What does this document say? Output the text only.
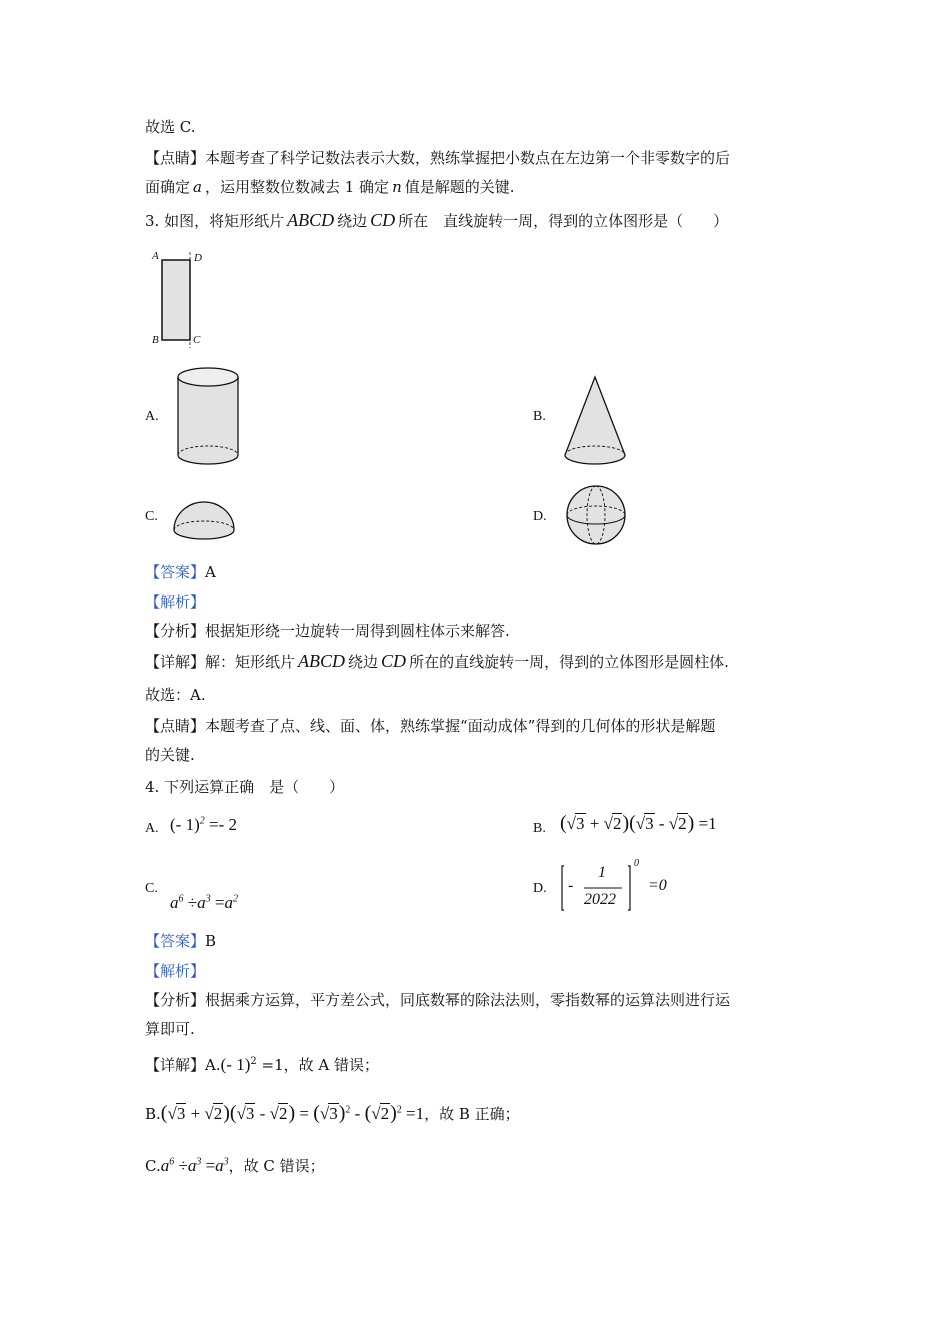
故选 C.
【点睛】本题考查了科学记数法表示大数，熟练掌握把小数点在左边第一个非零数字的后
面确定 a ，运用整数位数减去 1 确定 n 值是解题的关键.
3. 如图，将矩形纸片 ABCD 绕边 CD 所在　直线旋转一周，得到的立体图形是（　　）
A	D
B	C
A.	B.
C.	D.
【答案】A
【解析】
【分析】根据矩形绕一边旋转一周得到圆柱体示来解答.
【详解】解：矩形纸片 ABCD 绕边 CD 所在的直线旋转一周，得到的立体图形是圆柱体.
故选：A.
【点睛】本题考查了点、线、面、体，熟练掌握“面动成体”得到的几何体的形状是解题
的关键.
4. 下列运算正确　是（　　）
A. (- 1)$^2$ =- 2	B. (√3 + √2)(√3 - √2) =1
C.
$a^6 \div a^3 =a^2$
D. -
1
2022
0
=0
【答案】B
【解析】
【分析】根据乘方运算，平方差公式，同底数幂的除法法则，零指数幂的运算法则进行运
算即可.
【详解】A.(- 1)$^2$ =1，故 A 错误；
$B.(√3 + √2)(√3 - √2) = (√3)^2 - (√2)^2 =1$，故 B 正确；
$C.a^6 \div a^3 =a^3$，故 C 错误；
